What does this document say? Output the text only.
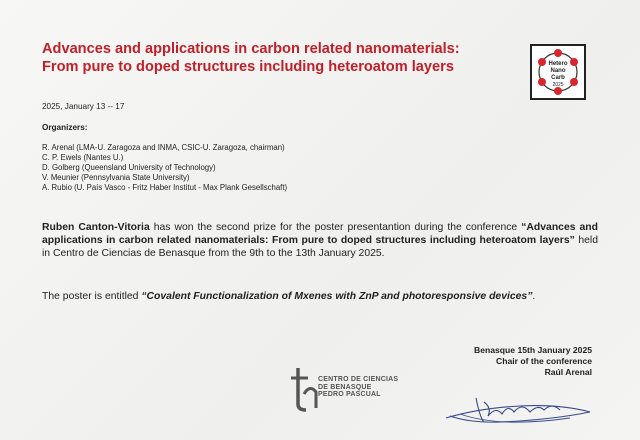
Advances and applications in carbon related nanomaterials:
From pure to doped structures including heteroatom layers	Hetero
Nano
Carb
2025
2025, January 13 -- 17
Organizers:
R. Arenal (LMA-U. Zaragoza and INMA, CSIC-U. Zaragoza, chairman)
C. P. Ewels (Nantes U.)
D. Golberg (Queensland University of Technology)
V. Meunier (Pennsylvania State University)
A. Rubio (U. País Vasco - Fritz Haber Institut - Max Plank Gesellschaft)
Ruben Canton-Vitoria has won the second prize for the poster presentantion during the conference “Advances and applications in carbon related nanomaterials: From pure to doped structures including heteroatom layers” held in Centro de Ciencias de Benasque from the 9th to the 13th January 2025.
The poster is entitled “Covalent Functionalization of Mxenes with ZnP and photoresponsive devices”.
Benasque 15th January 2025
Chair of the conference
Raúl Arenal
CENTRO DE CIENCIAS
DE BENASQUE
PEDRO PASCUAL
